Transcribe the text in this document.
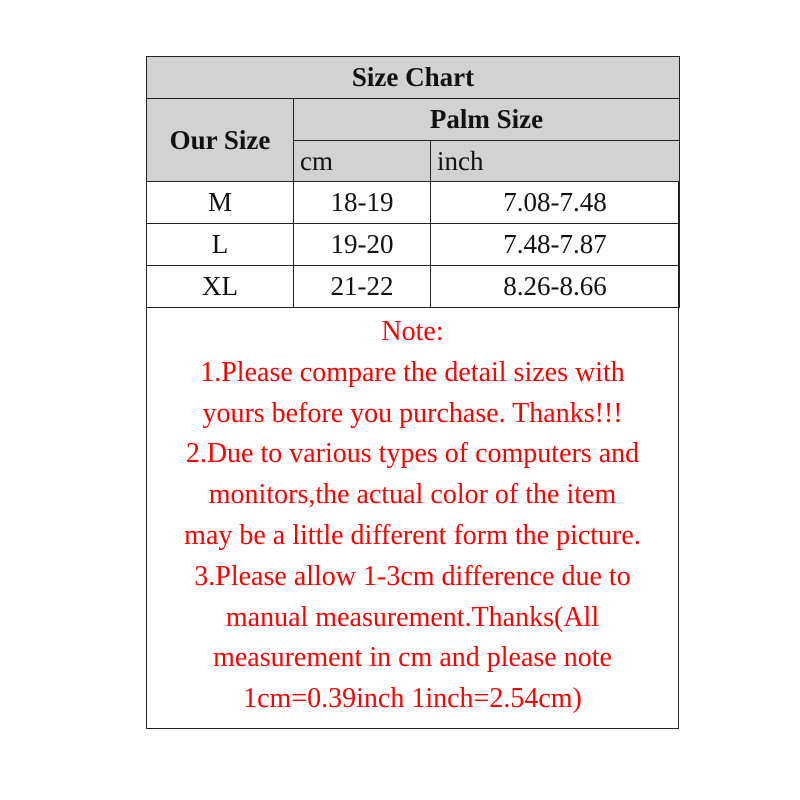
Size Chart		
Our Size	Palm Size	
	cm	inch
M	18-19	7.08-7.48
L	19-20	7.48-7.87
XL	21-22	8.26-8.66
Note:
1.Please compare the detail sizes with
yours before you purchase. Thanks!!!
2.Due to various types of computers and
monitors,the actual color of the item
may be a little different form the picture.
3.Please allow 1-3cm difference due to
manual measurement.Thanks(All
measurement in cm and please note
1cm=0.39inch 1inch=2.54cm)
